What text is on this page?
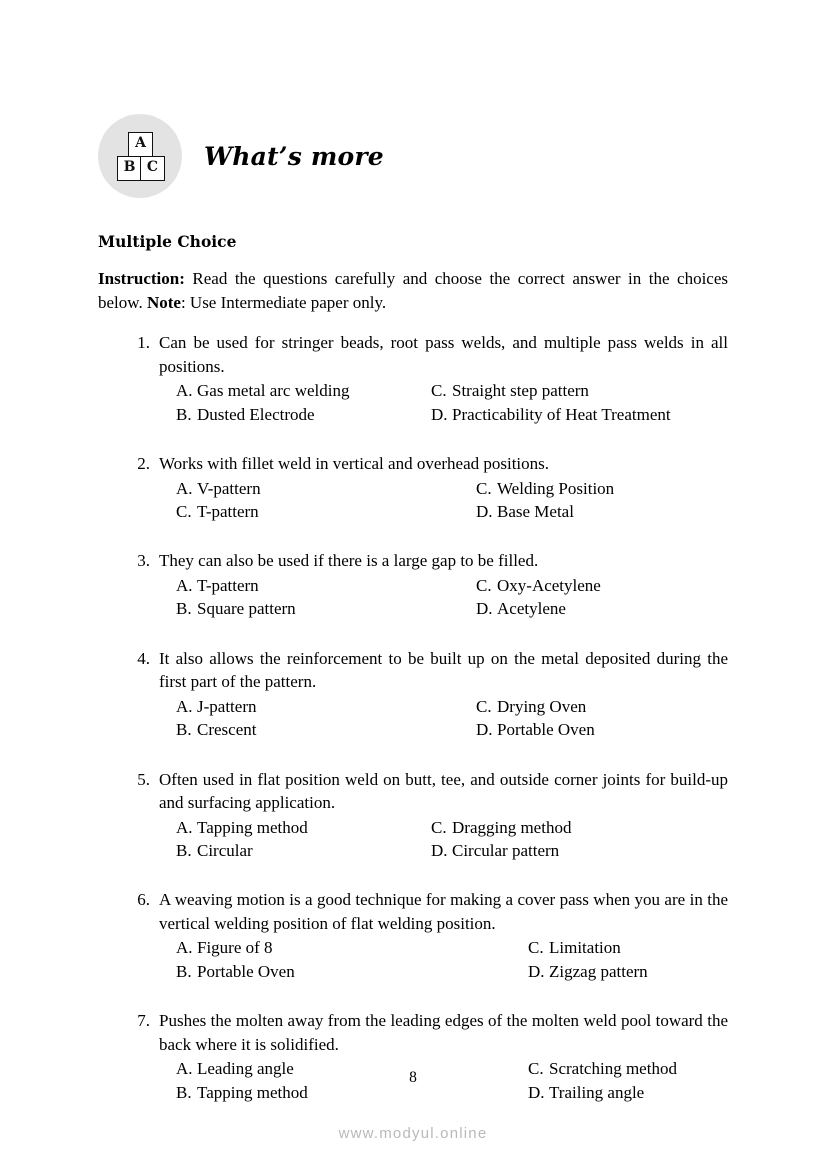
A
B C What’s more

Multiple Choice

Instruction: Read the questions carefully and choose the correct answer in the choices below. Note: Use Intermediate paper only.

1. Can be used for stringer beads, root pass welds, and multiple pass welds in all positions.
A. Gas metal arc welding	C. Straight step pattern
B. Dusted Electrode	D. Practicability of Heat Treatment
2. Works with fillet weld in vertical and overhead positions.
A. V-pattern	C. Welding Position
C. T-pattern	D. Base Metal
3. They can also be used if there is a large gap to be filled.
A. T-pattern	C. Oxy-Acetylene
B. Square pattern	D. Acetylene
4. It also allows the reinforcement to be built up on the metal deposited during the first part of the pattern.
A. J-pattern	C. Drying Oven
B. Crescent	D. Portable Oven
5. Often used in flat position weld on butt, tee, and outside corner joints for build-up and surfacing application.
A. Tapping method	C. Dragging method
B. Circular	D. Circular pattern
6. A weaving motion is a good technique for making a cover pass when you are in the vertical welding position of flat welding position.
A. Figure of 8	C. Limitation
B. Portable Oven	D. Zigzag pattern
7. Pushes the molten away from the leading edges of the molten weld pool toward the back where it is solidified.
A. Leading angle	C. Scratching method
B. Tapping method	D. Trailing angle
8
www.modyul.online
